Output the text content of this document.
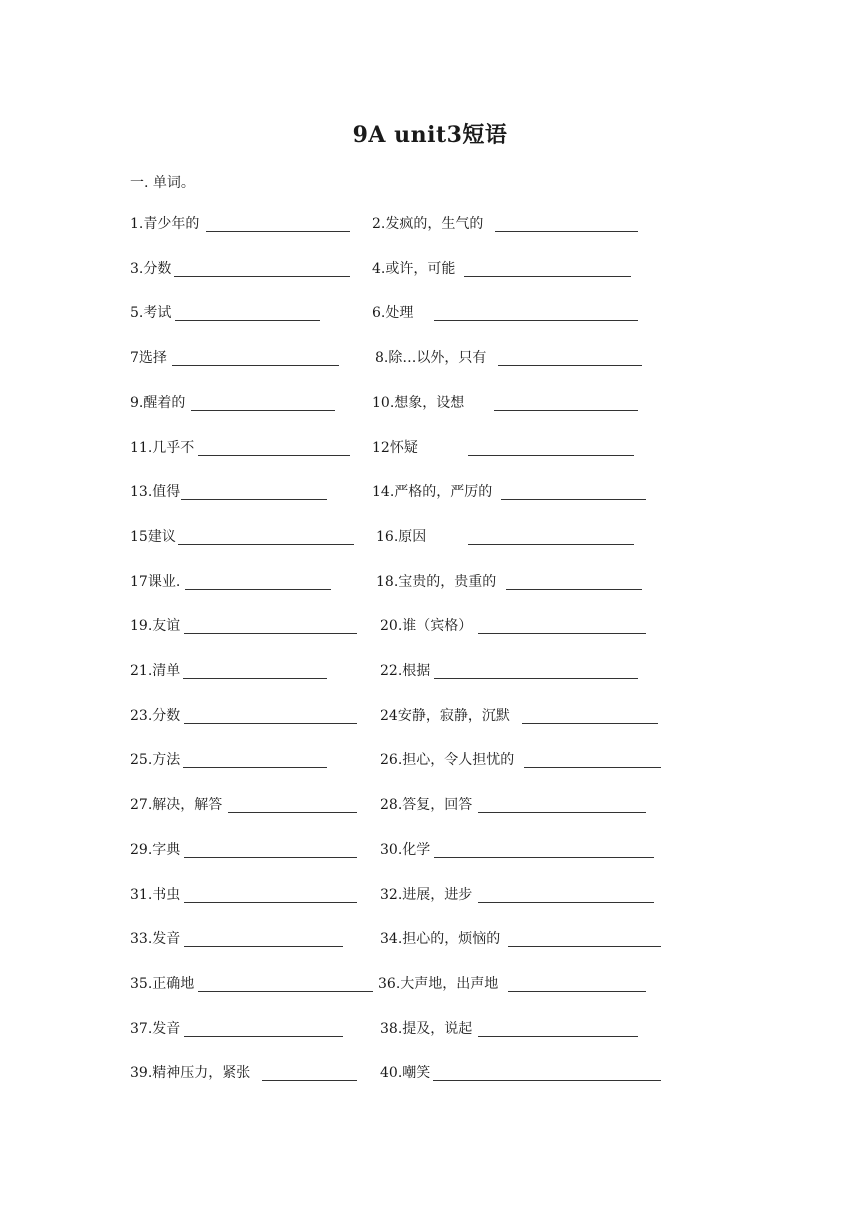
9A unit3短语
一. 单词。
1.青少年的	2.发疯的，生气的
3.分数	4.或许，可能
5.考试	6.处理
7选择	8.除…以外，只有
9.醒着的	10.想象，设想
11.几乎不	12怀疑
13.值得	14.严格的，严厉的
15建议	16.原因
17课业.	18.宝贵的，贵重的
19.友谊	20.谁（宾格）
21.清单	22.根据
23.分数	24安静，寂静，沉默
25.方法	26.担心，令人担忧的
27.解决，解答	28.答复，回答
29.字典	30.化学
31.书虫	32.进展，进步
33.发音	34.担心的，烦恼的
35.正确地	36.大声地，出声地
37.发音	38.提及，说起
39.精神压力，紧张	40.嘲笑
